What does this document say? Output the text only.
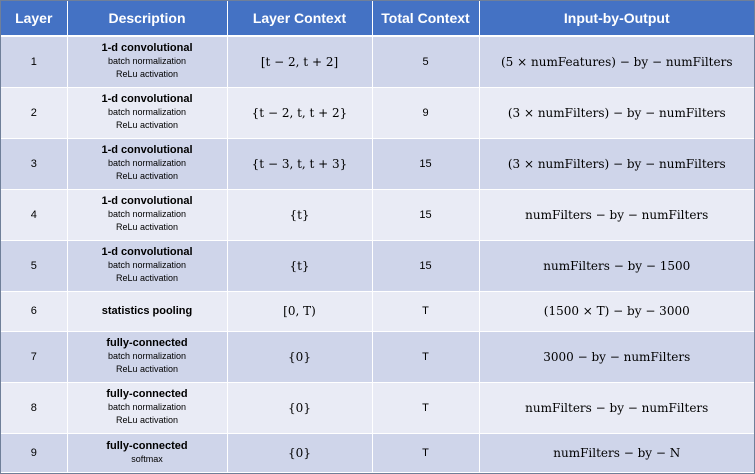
Layer	Description	Layer Context	Total Context	Input-by-Output
1	1-d convolutional
batch normalization
ReLu activation	[t − 2, t + 2]	5	(5 × numFeatures) − by − numFilters
2	1-d convolutional
batch normalization
ReLu activation	{t − 2, t, t + 2}	9	(3 × numFilters) − by − numFilters
3	1-d convolutional
batch normalization
ReLu activation	{t − 3, t, t + 3}	15	(3 × numFilters) − by − numFilters
4	1-d convolutional
batch normalization
ReLu activation	{t}	15	numFilters − by − numFilters
5	1-d convolutional
batch normalization
ReLu activation	{t}	15	numFilters − by − 1500
6	statistics pooling	[0, T)	T	(1500 × T) − by − 3000
7	fully-connected
batch normalization
ReLu activation	{0}	T	3000 − by − numFilters
8	fully-connected
batch normalization
ReLu activation	{0}	T	numFilters − by − numFilters
9	fully-connected
softmax	{0}	T	numFilters − by − N
